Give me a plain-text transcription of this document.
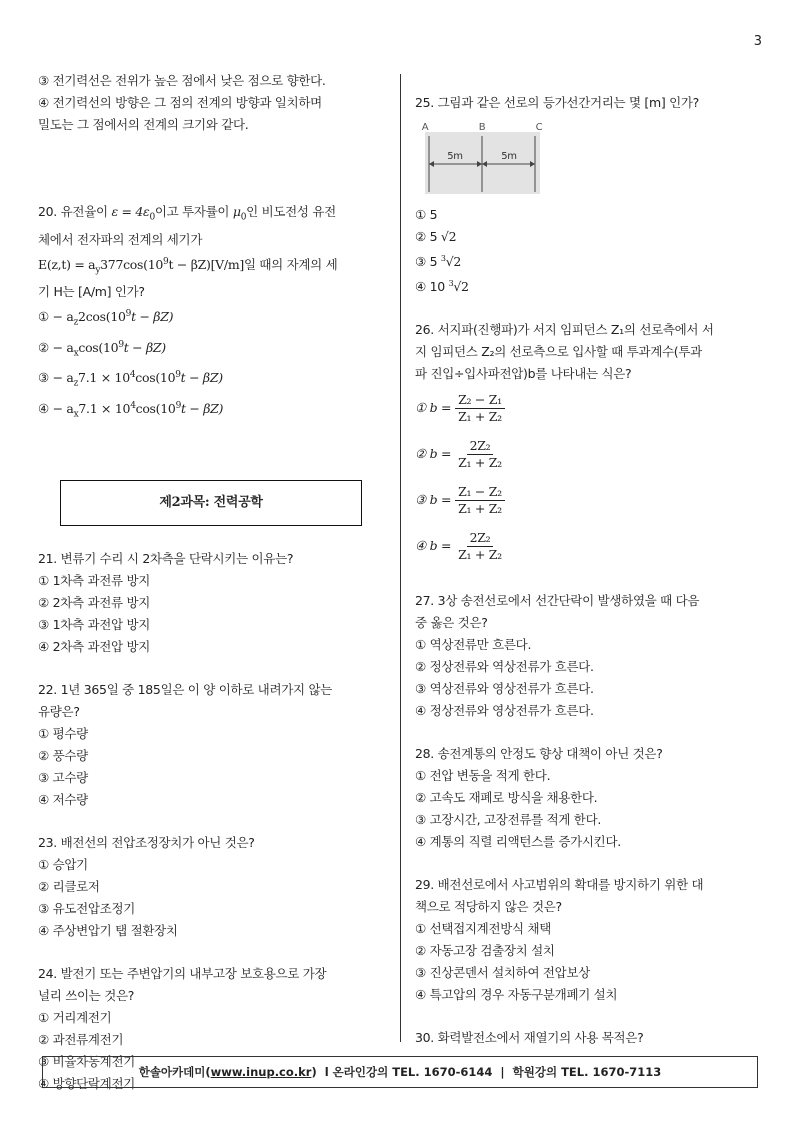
3

③ 전기력선은 전위가 높은 점에서 낮은 점으로 향한다.

④ 전기력선의 방향은 그 점의 전계의 방향과 일치하며

밀도는 그 점에서의 전계의 크기와 같다.

20. 유전율이 $\varepsilon = 4\varepsilon_0$이고 투자률이 $\mu_0$인 비도전성 유전

체에서 전자파의 전계의 세기가

$E(z,t) = a_y377\cos(10^9t - \beta Z)[V/m]$일 때의 자계의 세

기 H는 [A/m] 인가?

① − $a_z2\cos(10^9t - \beta Z)$

② − $a_x\cos(10^9t - \beta Z)$

③ − $a_z7.1 \times 10^4\cos(10^9t - \beta Z)$

④ − $a_x7.1 \times 10^4\cos(10^9t - \beta Z)$

제2과목: 전력공학

21. 변류기 수리 시 2차측을 단락시키는 이유는?

① 1차측 과전류 방지

② 2차측 과전류 방지

③ 1차측 과전압 방지

④ 2차측 과전압 방지

22. 1년 365일 중 185일은 이 양 이하로 내려가지 않는

유량은?

① 평수량

② 풍수량

③ 고수량

④ 저수량

23. 배전선의 전압조정장치가 아닌 것은?

① 승압기

② 리클로저

③ 유도전압조정기

④ 주상변압기 탭 절환장치

24. 발전기 또는 주변압기의 내부고장 보호용으로 가장

널리 쓰이는 것은?

① 거리계전기

② 과전류계전기

③ 비율차동계전기

④ 방향단락계전기

25. 그림과 같은 선로의 등가선간거리는 몇 [m] 인가?

A	B	C
5m	5m

① 5

② 5 √2

③ 5 $^3$√2

④ 10 $^3$√2

26. 서지파(진행파)가 서지 임피던스 Z₁의 선로측에서 서

지 임피던스 Z₂의 선로측으로 입사할 때 투과계수(투과

파 진입÷입사파전압)b를 나타내는 식은?

① $b = \frac{\text{Z₂ − Z₁}}{\text{Z₁ + Z₂}}$
② $b = \frac{\text{2Z₂}}{\text{Z₁ + Z₂}}$
③ $b = \frac{\text{Z₁ − Z₂}}{\text{Z₁ + Z₂}}$
④ $b = \frac{\text{2Z₂}}{\text{Z₁ + Z₂}}$

27. 3상 송전선로에서 선간단락이 발생하였을 때 다음

중 옳은 것은?

① 역상전류만 흐른다.

② 정상전류와 역상전류가 흐른다.

③ 역상전류와 영상전류가 흐른다.

④ 정상전류와 영상전류가 흐른다.

28. 송전계통의 안정도 향상 대책이 아닌 것은?

① 전압 변동을 적게 한다.

② 고속도 재폐로 방식을 채용한다.

③ 고장시간, 고장전류를 적게 한다.

④ 계통의 직렬 리액턴스를 증가시킨다.

29. 배전선로에서 사고범위의 확대를 방지하기 위한 대

책으로 적당하지 않은 것은?

① 선택접지계전방식 채택

② 자동고장 검출장치 설치

③ 진상콘덴서 설치하여 전압보상

④ 특고압의 경우 자동구분개폐기 설치

30. 화력발전소에서 재열기의 사용 목적은?

한솔아카데미( www.inup.co.kr )  l 온라인강의 TEL. 1670-6144  |  학원강의 TEL. 1670-7113
